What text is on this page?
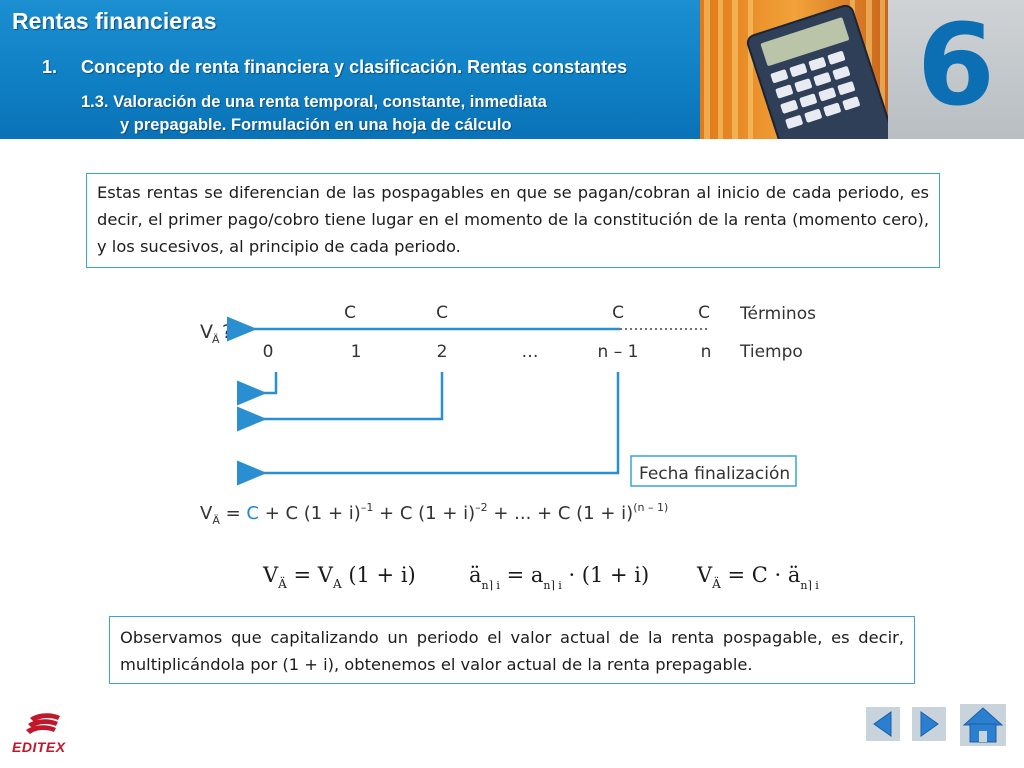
Rentas financieras
1. Concepto de renta financiera y clasificación. Rentas constantes
1.3. Valoración de una renta temporal, constante, inmediata
y prepagable. Formulación en una hoja de cálculo	6
Estas rentas se diferencian de las pospagables en que se pagan/cobran al inicio de cada periodo, es decir, el primer pago/cobro tiene lugar en el momento de la constitución de la renta (momento cero), y los sucesivos, al principio de cada periodo.
V Ä ?
C	C	C	C Términos
0	1	2	…	n – 1	n Tiempo
Fecha finalización
$V_Ä = C + C$ $(1 + i)^{-1} + C$ $(1 + i)^{-2}$ + ... + C $(1 + i)^{(n - 1)}$
$V_Ä = V_A$ (1 + i)	$ä_{n⌉ i} = a_{n⌉ i} \cdot (1 + i) V_Ä = C$ · $ä_{n⌉ i}$
Observamos que capitalizando un periodo el valor actual de la renta pospagable, es decir, multiplicándola por (1 + i), obtenemos el valor actual de la renta prepagable.
EDITEX
